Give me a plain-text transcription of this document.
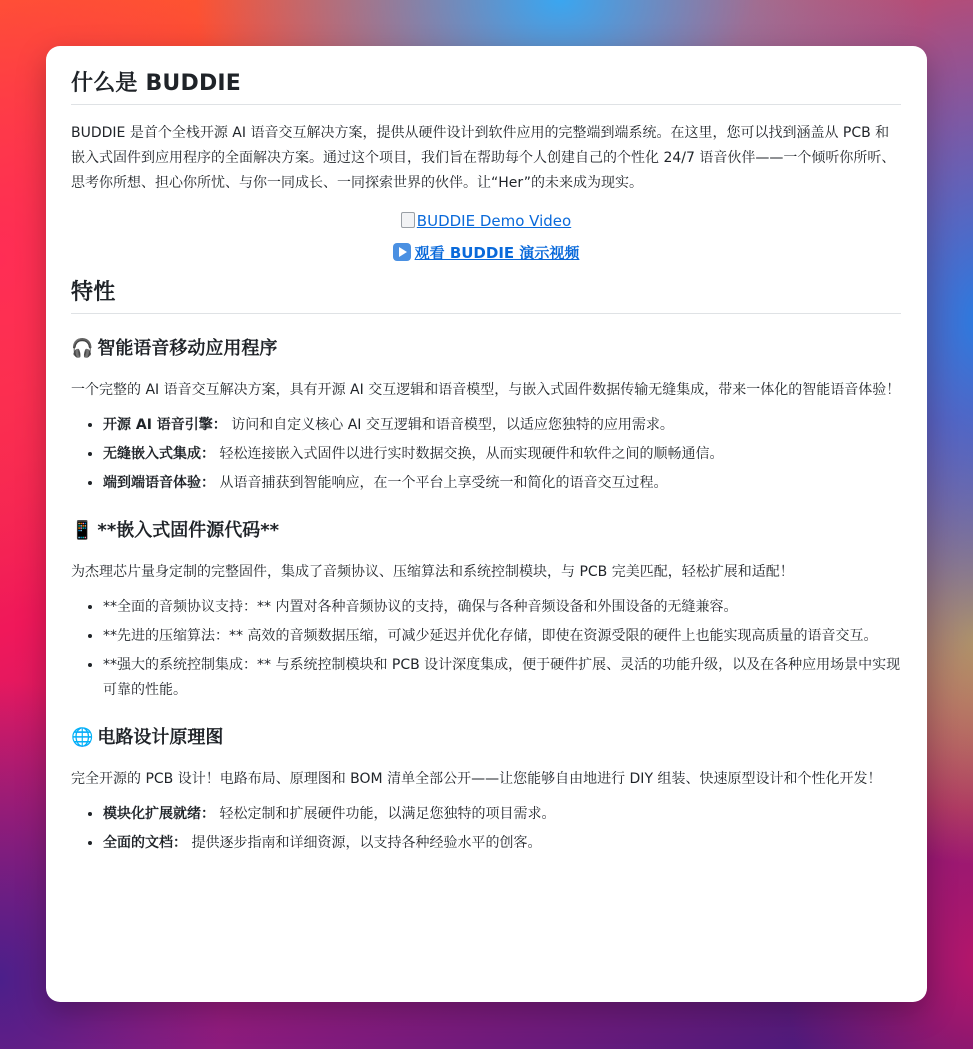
什么是 BUDDIE

BUDDIE 是首个全栈开源 AI 语音交互解决方案，提供从硬件设计到软件应用的完整端到端系统。在这里，您可以找到涵盖从 PCB 和嵌入式固件到应用程序的全面解决方案。通过这个项目，我们旨在帮助每个人创建自己的个性化 24/7 语音伙伴——一个倾听你所听、思考你所想、担心你所忧、与你一同成长、一同探索世界的伙伴。让“Her”的未来成为现实。

BUDDIE Demo Video
观看 BUDDIE 演示视频
特性
🎧 智能语音移动应用程序

一个完整的 AI 语音交互解决方案，具有开源 AI 交互逻辑和语音模型，与嵌入式固件数据传输无缝集成，带来一体化的智能语音体验！

• 开源 AI 语音引擎： 访问和自定义核心 AI 交互逻辑和语音模型，以适应您独特的应用需求。
• 无缝嵌入式集成： 轻松连接嵌入式固件以进行实时数据交换，从而实现硬件和软件之间的顺畅通信。
• 端到端语音体验： 从语音捕获到智能响应，在一个平台上享受统一和简化的语音交互过程。
📱 **嵌入式固件源代码**

为杰理芯片量身定制的完整固件，集成了音频协议、压缩算法和系统控制模块，与 PCB 完美匹配，轻松扩展和适配！

• **全面的音频协议支持：** 内置对各种音频协议的支持，确保与各种音频设备和外围设备的无缝兼容。
• **先进的压缩算法：** 高效的音频数据压缩，可减少延迟并优化存储，即使在资源受限的硬件上也能实现高质量的语音交互。
• **强大的系统控制集成：** 与系统控制模块和 PCB 设计深度集成，便于硬件扩展、灵活的功能升级，以及在各种应用场景中实现可靠的性能。
🌐 电路设计原理图

完全开源的 PCB 设计！电路布局、原理图和 BOM 清单全部公开——让您能够自由地进行 DIY 组装、快速原型设计和个性化开发！

• 模块化扩展就绪： 轻松定制和扩展硬件功能，以满足您独特的项目需求。
• 全面的文档： 提供逐步指南和详细资源，以支持各种经验水平的创客。
